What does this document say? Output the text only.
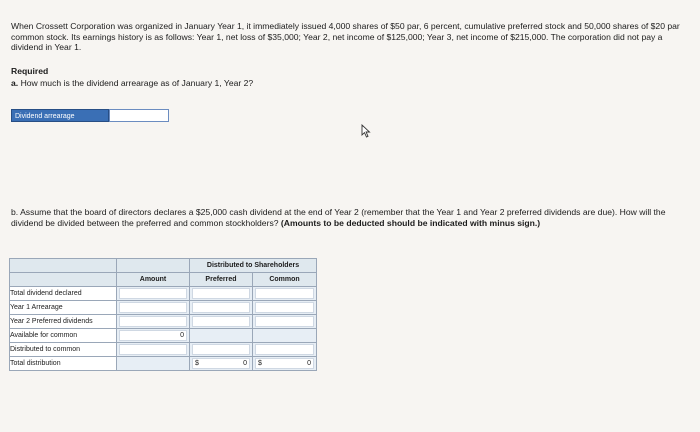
When Crossett Corporation was organized in January Year 1, it immediately issued 4,000 shares of $50 par, 6 percent, cumulative preferred stock and 50,000 shares of $20 par common stock. Its earnings history is as follows: Year 1, net loss of $35,000; Year 2, net income of $125,000; Year 3, net income of $215,000. The corporation did not pay a dividend in Year 1.
Required
a. How much is the dividend arrearage as of January 1, Year 2?
Dividend arrearage
b. Assume that the board of directors declares a $25,000 cash dividend at the end of Year 2 (remember that the Year 1 and Year 2 preferred dividends are due). How will the dividend be divided between the preferred and common stockholders? (Amounts to be deducted should be indicated with minus sign.)
		Distributed to Shareholders	
	Amount	Preferred	Common
Total dividend declared	

Year 1 Arrearage	

Year 2 Preferred dividends	

Available for common	0		

Distributed to common	

Total distribution		$ 0	$ 0
